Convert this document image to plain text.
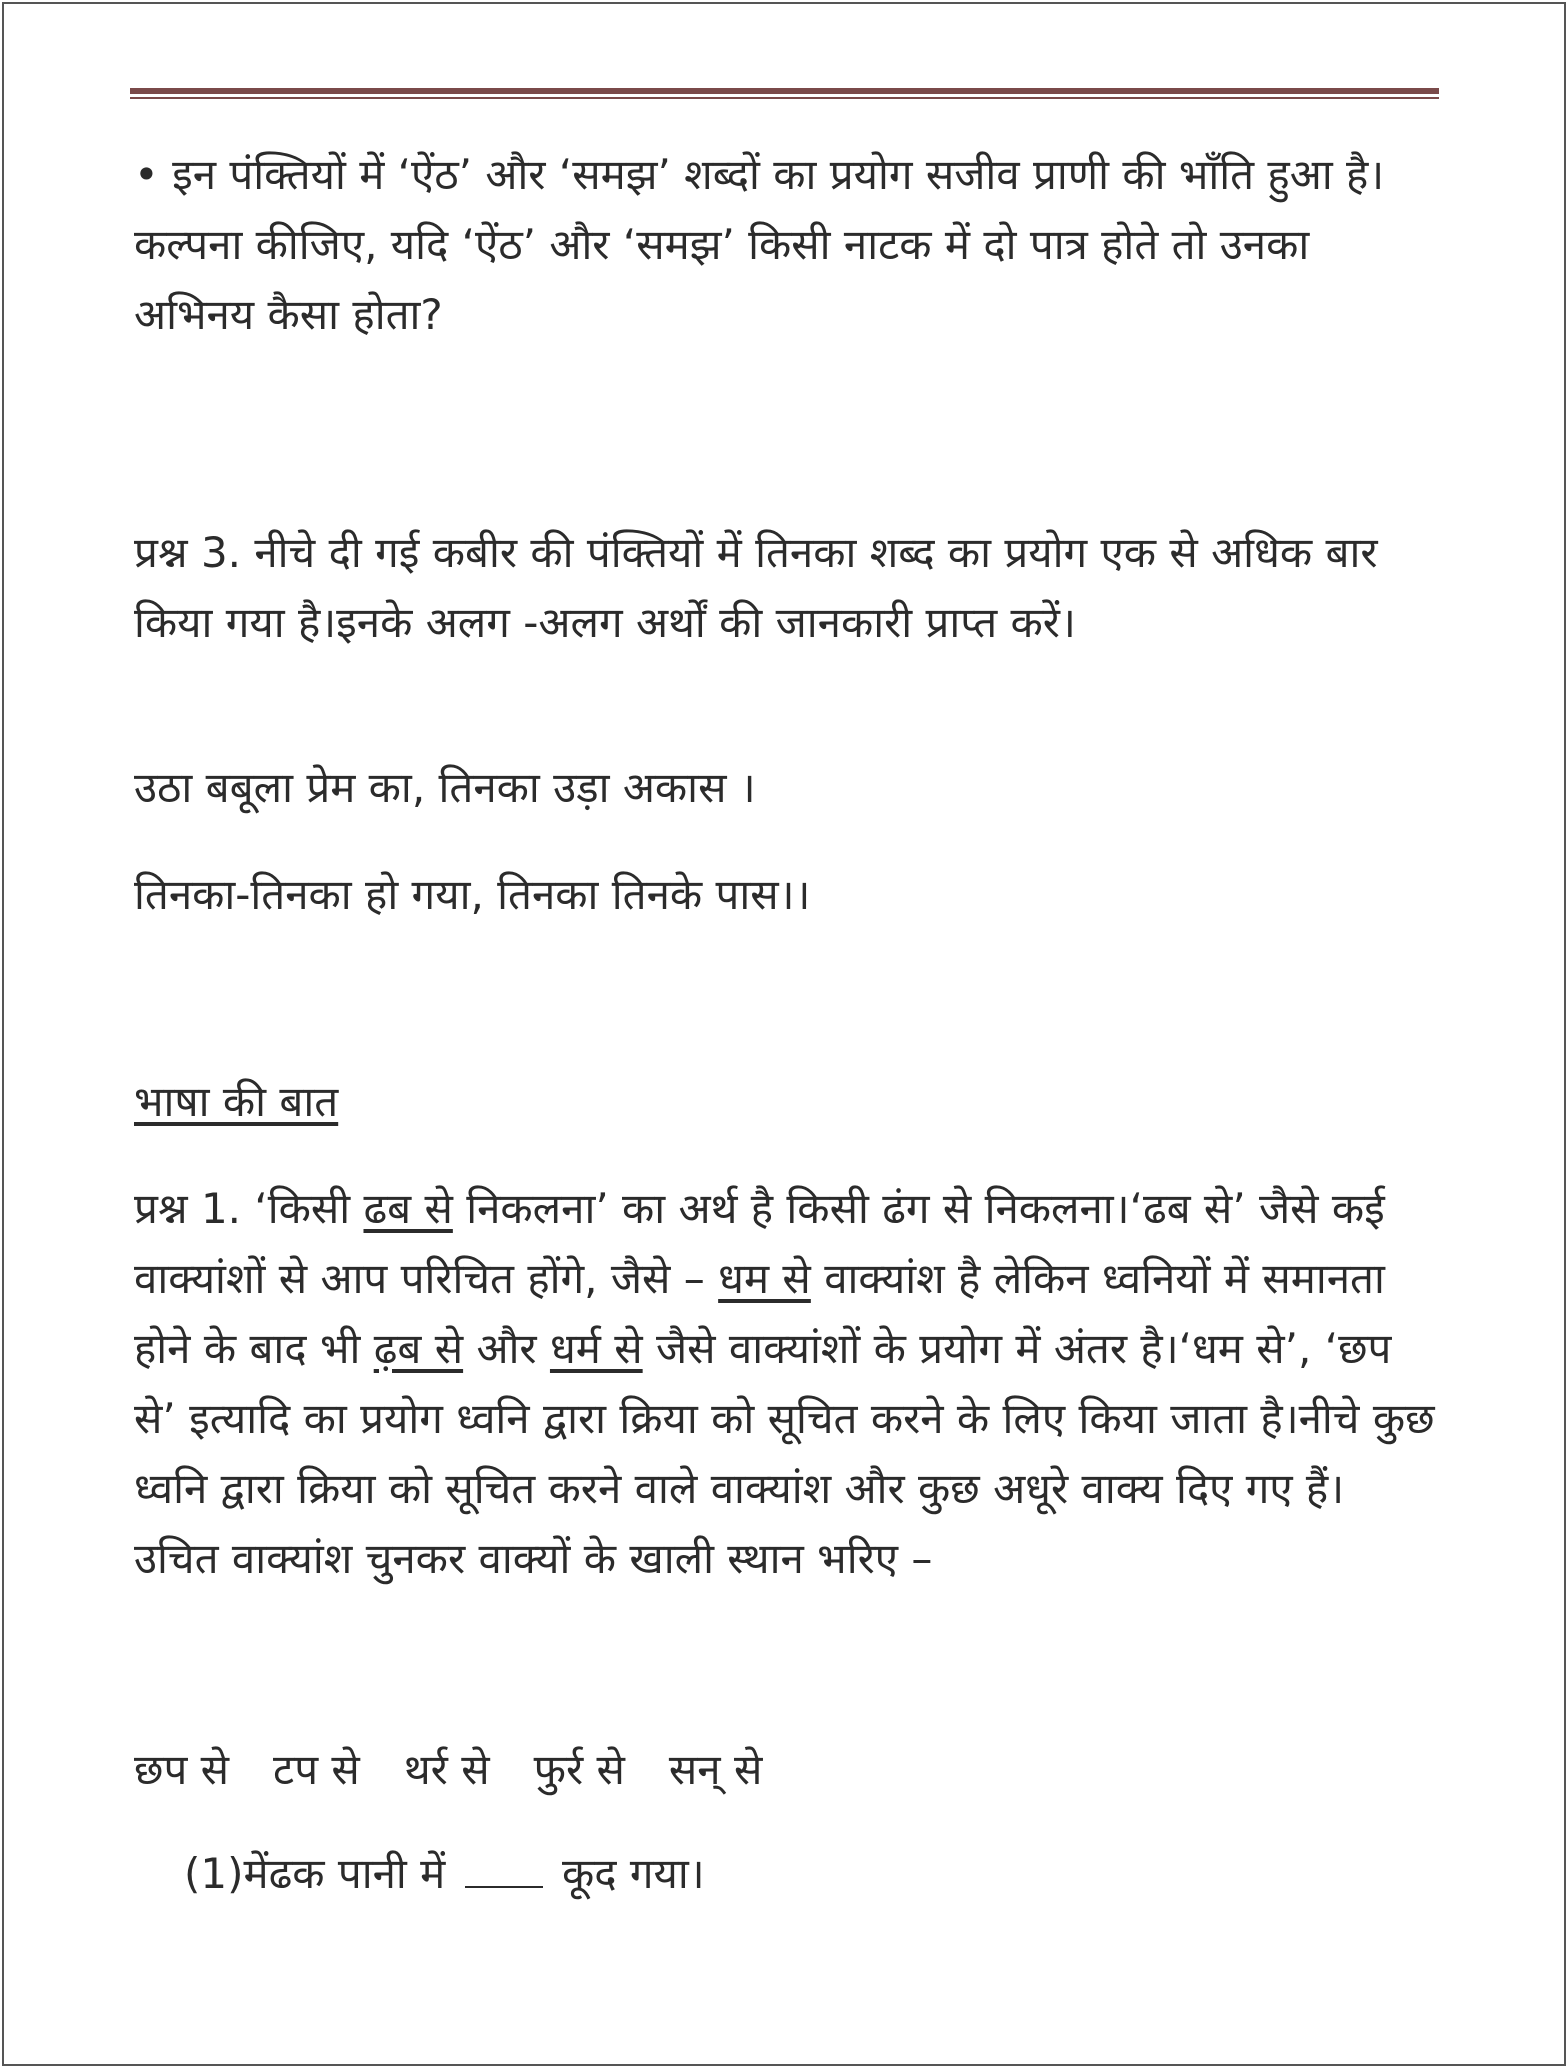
• इन पंक्तियों में ‘ऐंठ’ और ‘समझ’ शब्दों का प्रयोग सजीव प्राणी की भाँति हुआ है। कल्पना कीजिए, यदि ‘ऐंठ’ और ‘समझ’ किसी नाटक में दो पात्र होते तो उनका अभिनय कैसा होता?

प्रश्न 3. नीचे दी गई कबीर की पंक्तियों में तिनका शब्द का प्रयोग एक से अधिक बार किया गया है।इनके अलग -अलग अर्थों की जानकारी प्राप्त करें।

उठा बबूला प्रेम का, तिनका उड़ा अकास ।

तिनका-तिनका हो गया, तिनका तिनके पास।।

भाषा की बात

प्रश्न 1. ‘किसी ढब से निकलना’ का अर्थ है किसी ढंग से निकलना।‘ढब से’ जैसे कई वाक्यांशों से आप परिचित होंगे, जैसे – धम से वाक्यांश है लेकिन ध्वनियों में समानता होने के बाद भी ढ़ब से और धर्म से जैसे वाक्यांशों के प्रयोग में अंतर है।‘धम से’, ‘छप से’ इत्यादि का प्रयोग ध्वनि द्वारा क्रिया को सूचित करने के लिए किया जाता है।नीचे कुछ ध्वनि द्वारा क्रिया को सूचित करने वाले वाक्यांश और कुछ अधूरे वाक्य दिए गए हैं। उचित वाक्यांश चुनकर वाक्यों के खाली स्थान भरिए –

छप से टप से थर्र से फुर्र से सन् से

(1)मेंढक पानी में  कूद गया।
